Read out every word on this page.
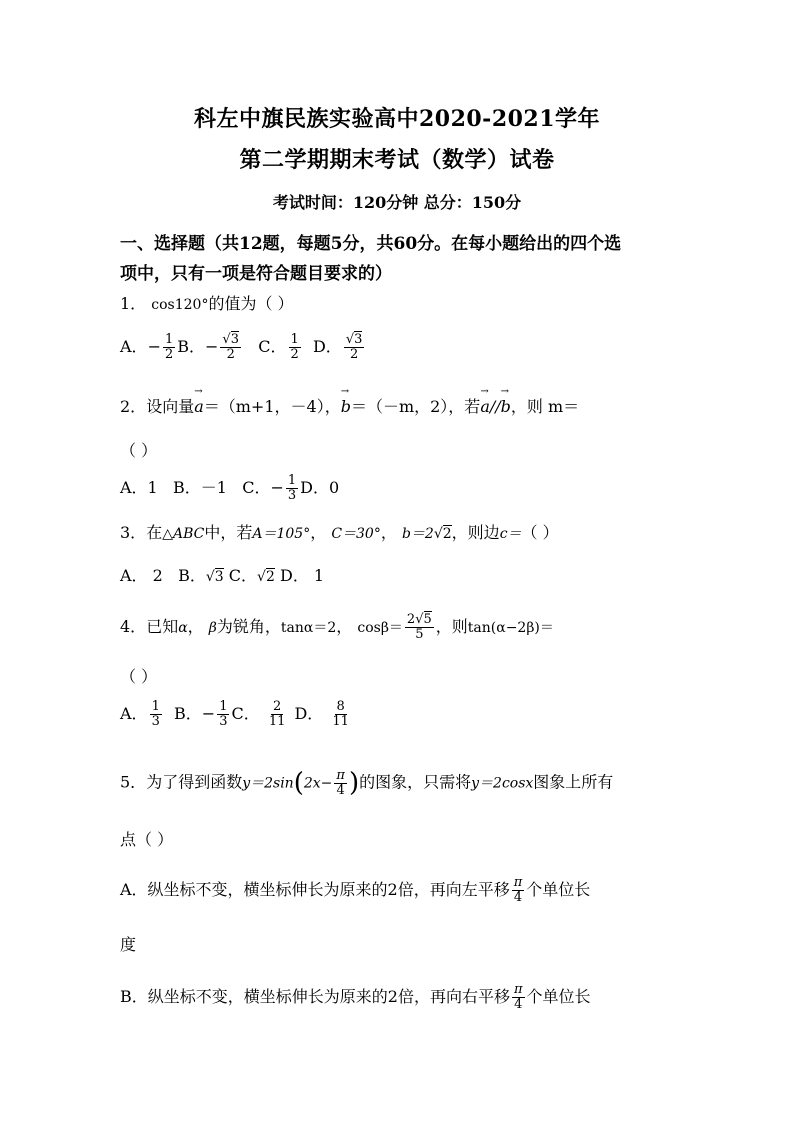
科左中旗民族实验高中2020-2021学年
第二学期期末考试（数学）试卷
考试时间：120分钟 总分：150分
一、选择题（共12题，每题5分，共60分。在每小题给出的四个选
项中，只有一项是符合题目要求的）
1． cos120°的值为（ ）
A．− $\frac{1}{2}$ B．− $\frac{√3}{2}$ C． $\frac{1}{2}$ D． $\frac{√3}{2}$
2．设向量→ a＝（m+1，－4），→ b＝（－m，2），若→ a//→ b，则 m＝
（ ）
A．1 B．－1 C．− $\frac{1}{3}$ D．0
3．在△ABC中，若A＝105°， C＝30°， b＝2√2，则边c＝（ ）
A． 2 B．√3 C．√2 D． 1
4．已知α， β为锐角，tanα＝2， $\cos\beta= \frac{2√5}{5}$ ，则tan(α−2β)＝
（ ）
A． $\frac{1}{3}$ B．− $\frac{1}{3}$ C． $\frac{2}{11}$ D． $\frac{8}{11}$
5．为了得到函数$y=2\sin(2x- \frac{\pi}{4}$ )的图象，只需将y＝2cosx图象上所有
点（ ）
A．纵坐标不变，横坐标伸长为原来的2倍，再向左平移 $\frac{\pi}{4}$ 个单位长
度
B．纵坐标不变，横坐标伸长为原来的2倍，再向右平移 $\frac{\pi}{4}$ 个单位长
